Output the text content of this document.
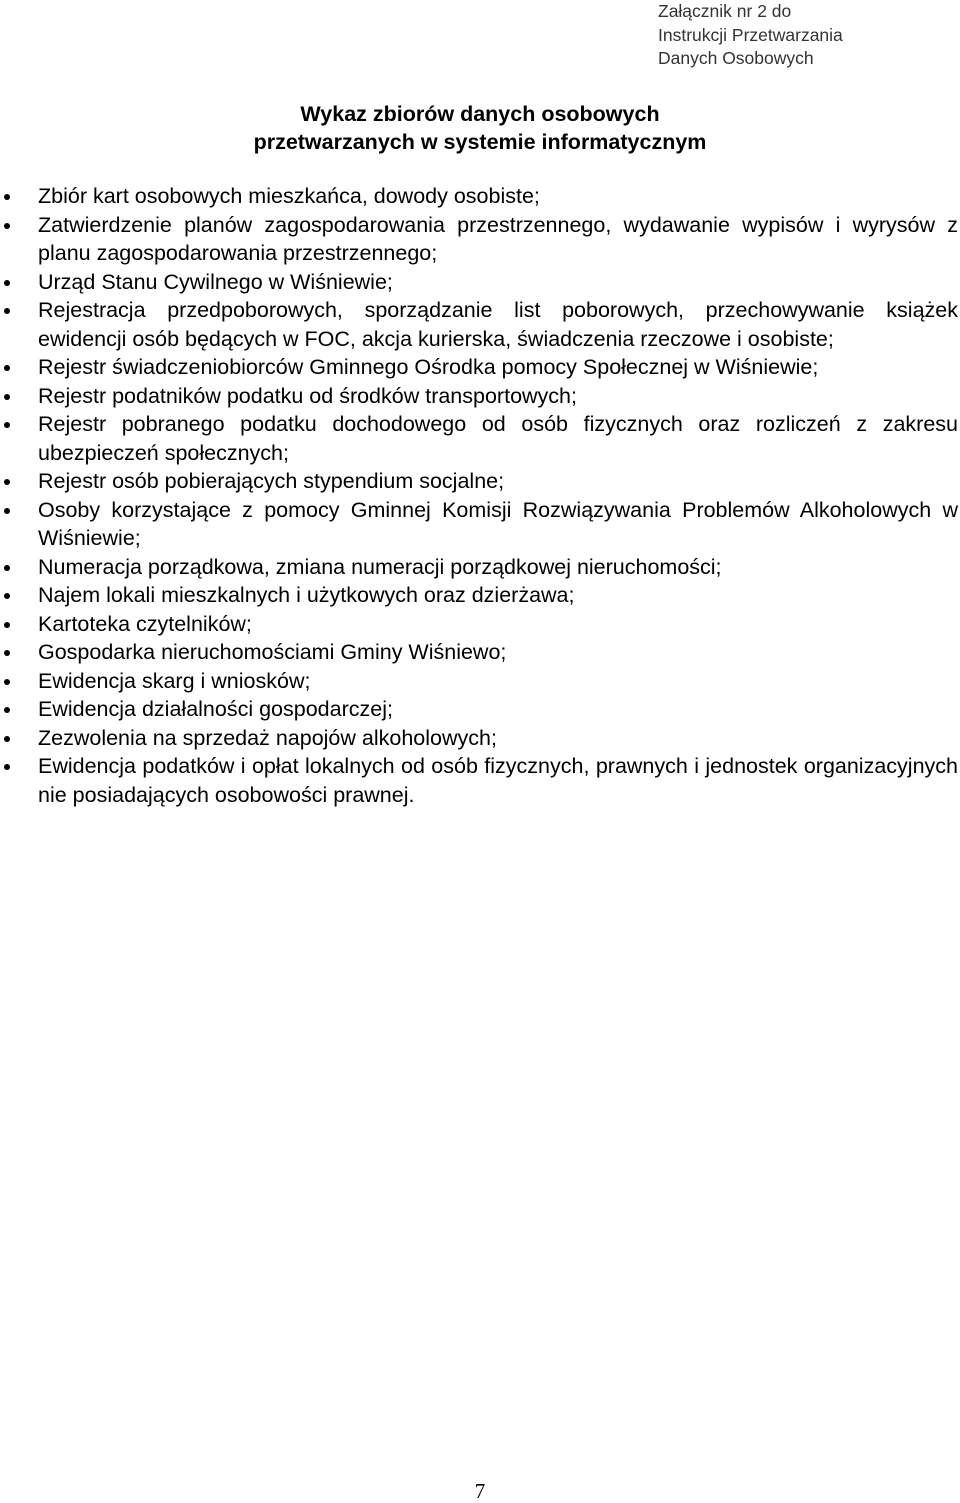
Załącznik nr 2 do
Instrukcji Przetwarzania
Danych Osobowych
Wykaz zbiorów danych osobowych
przetwarzanych w systemie informatycznym
Zbiór kart osobowych mieszkańca, dowody osobiste;
Zatwierdzenie planów zagospodarowania przestrzennego, wydawanie wypisów i wyrysów z planu zagospodarowania przestrzennego;
Urząd Stanu Cywilnego w Wiśniewie;
Rejestracja przedpoborowych, sporządzanie list poborowych, przechowywanie książek ewidencji osób będących w FOC, akcja kurierska, świadczenia rzeczowe i osobiste;
Rejestr świadczeniobiorców Gminnego Ośrodka pomocy Społecznej w Wiśniewie;
Rejestr podatników podatku od środków transportowych;
Rejestr pobranego podatku dochodowego od osób fizycznych oraz rozliczeń z zakresu ubezpieczeń społecznych;
Rejestr osób pobierających stypendium socjalne;
Osoby korzystające z pomocy Gminnej Komisji Rozwiązywania Problemów Alkoholowych w Wiśniewie;
Numeracja porządkowa, zmiana numeracji porządkowej nieruchomości;
Najem lokali mieszkalnych i użytkowych oraz dzierżawa;
Kartoteka czytelników;
Gospodarka nieruchomościami Gminy Wiśniewo;
Ewidencja skarg i wniosków;
Ewidencja działalności gospodarczej;
Zezwolenia na sprzedaż napojów alkoholowych;
Ewidencja podatków i opłat lokalnych od osób fizycznych, prawnych i jednostek organizacyjnych nie posiadających osobowości prawnej.
7
